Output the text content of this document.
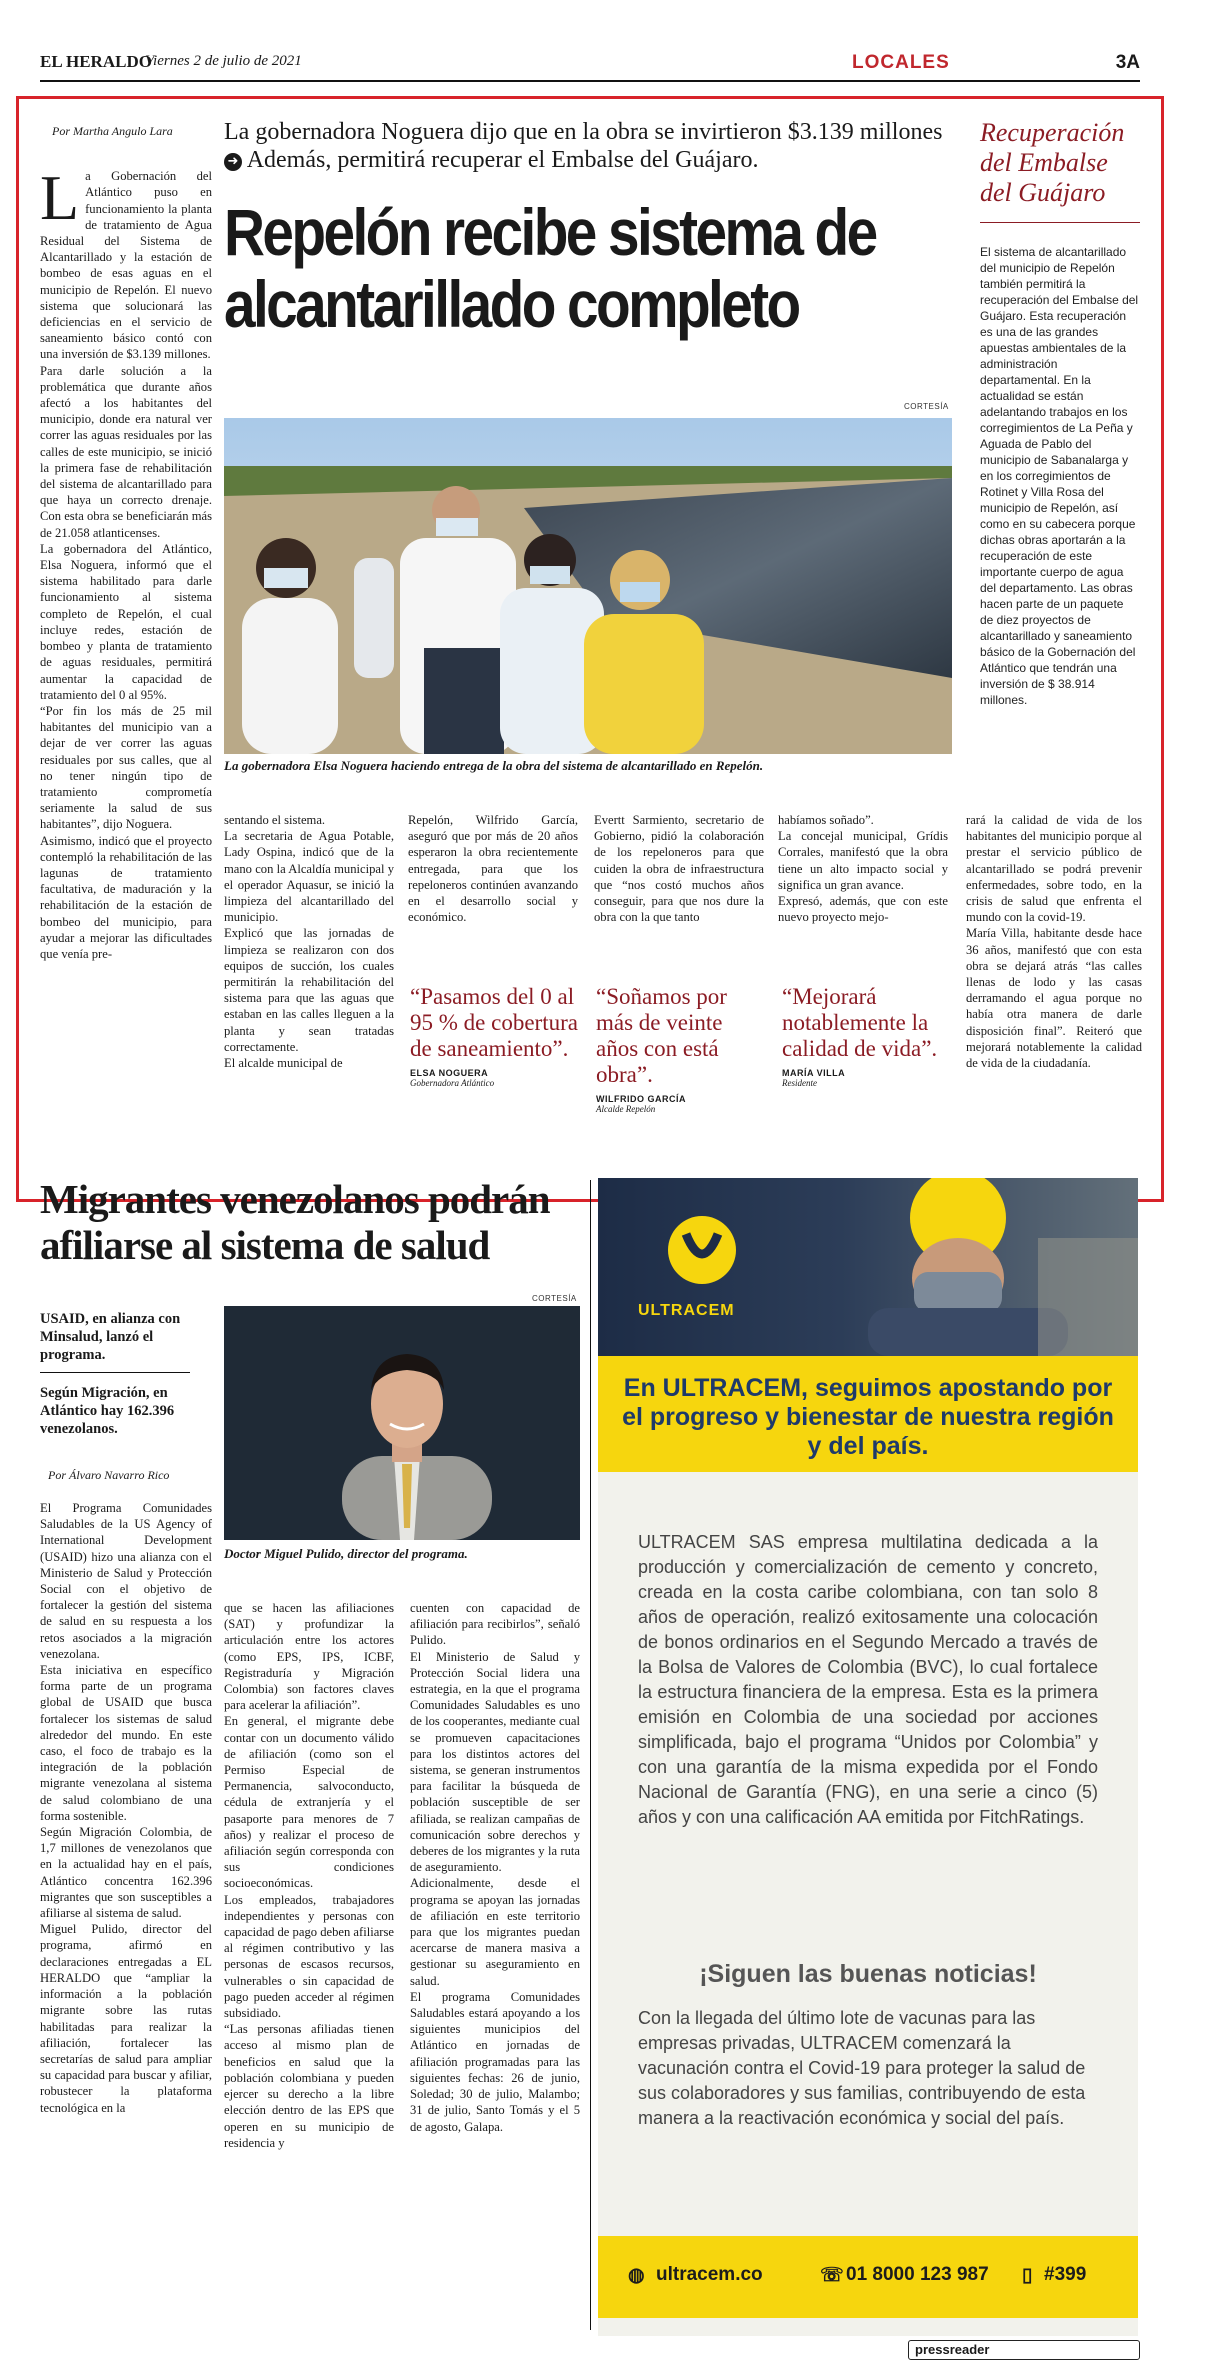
EL HERALDO
Viernes 2 de julio de 2021	LOCALES	3A
Por Martha Angulo Lara La gobernadora Noguera dijo que en la obra se invirtieron $3.139 millones ➜ Además, permitirá recuperar el Embalse del Guájaro.
Repelón recibe sistema de alcantarillado completo
CORTESÍA
La gobernadora Elsa Noguera haciendo entrega de la obra del sistema de alcantarillado en Repelón.

La Gobernación del Atlántico puso en funcionamiento la planta de tratamiento de Agua Residual del Sistema de Alcantarillado y la estación de bombeo de esas aguas en el municipio de Repelón. El nuevo sistema que solucionará las deficiencias en el servicio de saneamiento básico contó con una inversión de $3.139 millones.
Para darle solución a la problemática que durante años afectó a los habitantes del municipio, donde era natural ver correr las aguas residuales por las calles de este municipio, se inició la primera fase de rehabilitación del sistema de alcantarillado para que haya un correcto drenaje. Con esta obra se beneficiarán más de 21.058 atlanticenses.
La gobernadora del Atlántico, Elsa Noguera, informó que el sistema habilitado para darle funcionamiento al sistema completo de Repelón, el cual incluye redes, estación de bombeo y planta de tratamiento de aguas residuales, permitirá aumentar la capacidad de tratamiento del 0 al 95%.
“Por fin los más de 25 mil habitantes del municipio van a dejar de ver correr las aguas residuales por sus calles, que al no tener ningún tipo de tratamiento comprometía seriamente la salud de sus habitantes”, dijo Noguera.
Asimismo, indicó que el proyecto contempló la rehabilitación de las lagunas de tratamiento facultativa, de maduración y la rehabilitación de la estación de bombeo del municipio, para ayudar a mejorar las dificultades que venía pre-

sentando el sistema.
La secretaria de Agua Potable, Lady Ospina, indicó que de la mano con la Alcaldía municipal y el operador Aquasur, se inició la limpieza del alcantarillado del municipio.
Explicó que las jornadas de limpieza se realizaron con dos equipos de succión, los cuales permitirán la rehabilitación del sistema para que las aguas que estaban en las calles lleguen a la planta y sean tratadas correctamente.
El alcalde municipal de
Repelón, Wilfrido García, aseguró que por más de 20 años esperaron la obra recientemente entregada, para que los repeloneros continúen avanzando en el desarrollo social y económico.
Evertt Sarmiento, secretario de Gobierno, pidió la colaboración de los repeloneros para que cuiden la obra de infraestructura que “nos costó muchos años conseguir, para que nos dure la obra con la que tanto
habíamos soñado”.
La concejal municipal, Grídis Corrales, manifestó que la obra tiene un alto impacto social y significa un gran avance.
Expresó, además, que con este nuevo proyecto mejo-
rará la calidad de vida de los habitantes del municipio porque al prestar el servicio público de alcantarillado se podrá prevenir enfermedades, sobre todo, en la crisis de salud que enfrenta el mundo con la covid-19.
María Villa, habitante desde hace 36 años, manifestó que con esta obra se dejará atrás “las calles llenas de lodo y las casas derramando el agua porque no había otra manera de darle disposición final”. Reiteró que mejorará notablemente la calidad de vida de la ciudadanía.
“Pasamos del 0 al 95 % de cobertura de saneamiento”.
ELSA NOGUERA
Gobernadora Atlántico
“Soñamos por más de veinte años con está obra”.
WILFRIDO GARCÍA
Alcalde Repelón
“Mejorará notablemente la calidad de vida”.
MARÍA VILLA
Residente
Recuperación del Embalse del Guájaro
El sistema de alcantarillado del municipio de Repelón también permitirá la recuperación del Embalse del Guájaro. Esta recuperación es una de las grandes apuestas ambientales de la administración departamental. En la actualidad se están adelantando trabajos en los corregimientos de La Peña y Aguada de Pablo del municipio de Sabanalarga y en los corregimientos de Rotinet y Villa Rosa del municipio de Repelón, así como en su cabecera porque dichas obras aportarán a la recuperación de este importante cuerpo de agua del departamento. Las obras hacen parte de un paquete de diez proyectos de alcantarillado y saneamiento básico de la Gobernación del Atlántico que tendrán una inversión de $ 38.914 millones.
Migrantes venezolanos podrán afiliarse al sistema de salud
USAID, en alianza con Minsalud, lanzó el programa.
Según Migración, en Atlántico hay 162.396 venezolanos.
Por Álvaro Navarro Rico
CORTESÍA
Doctor Miguel Pulido, director del programa.
El Programa Comunidades Saludables de la US Agency of International Development (USAID) hizo una alianza con el Ministerio de Salud y Protección Social con el objetivo de fortalecer la gestión del sistema de salud en su respuesta a los retos asociados a la migración venezolana.
Esta iniciativa en específico forma parte de un programa global de USAID que busca fortalecer los sistemas de salud alrededor del mundo. En este caso, el foco de trabajo es la integración de la población migrante venezolana al sistema de salud colombiano de una forma sostenible.
Según Migración Colombia, de 1,7 millones de venezolanos que en la actualidad hay en el país, Atlántico concentra 162.396 migrantes que son susceptibles a afiliarse al sistema de salud.
Miguel Pulido, director del programa, afirmó en declaraciones entregadas a EL HERALDO que “ampliar la información a la población migrante sobre las rutas habilitadas para realizar la afiliación, fortalecer las secretarías de salud para ampliar su capacidad para buscar y afiliar, robustecer la plataforma tecnológica en la
que se hacen las afiliaciones (SAT) y profundizar la articulación entre los actores (como EPS, IPS, ICBF, Registraduría y Migración Colombia) son factores claves para acelerar la afiliación”.
En general, el migrante debe contar con un documento válido de afiliación (como son el Permiso Especial de Permanencia, salvoconducto, cédula de extranjería y el pasaporte para menores de 7 años) y realizar el proceso de afiliación según corresponda con sus condiciones socioeconómicas.
Los empleados, trabajadores independientes y personas con capacidad de pago deben afiliarse al régimen contributivo y las personas de escasos recursos, vulnerables o sin capacidad de pago pueden acceder al régimen subsidiado.
“Las personas afiliadas tienen acceso al mismo plan de beneficios en salud que la población colombiana y pueden ejercer su derecho a la libre elección dentro de las EPS que operen en su municipio de residencia y
cuenten con capacidad de afiliación para recibirlos”, señaló Pulido.
El Ministerio de Salud y Protección Social lidera una estrategia, en la que el programa Comunidades Saludables es uno de los cooperantes, mediante cual se promueven capacitaciones para los distintos actores del sistema, se generan instrumentos para facilitar la búsqueda de población susceptible de ser afiliada, se realizan campañas de comunicación sobre derechos y deberes de los migrantes y la ruta de aseguramiento.
Adicionalmente, desde el programa se apoyan las jornadas de afiliación en este territorio para que los migrantes puedan acercarse de manera masiva a gestionar su aseguramiento en salud.
El programa Comunidades Saludables estará apoyando a los siguientes municipios del Atlántico en jornadas de afiliación programadas para las siguientes fechas: 26 de junio, Soledad; 30 de julio, Malambo; 31 de julio, Santo Tomás y el 5 de agosto, Galapa.
ULTRACEM
En ULTRACEM, seguimos apostando por el progreso y bienestar de nuestra región y del país.
ULTRACEM SAS empresa multilatina dedicada a la producción y comercialización de cemento y concreto, creada en la costa caribe colombiana, con tan solo 8 años de operación, realizó exitosamente una colocación de bonos ordinarios en el Segundo Mercado a través de la Bolsa de Valores de Colombia (BVC), lo cual fortalece la estructura financiera de la empresa. Esta es la primera emisión en Colombia de una sociedad por acciones simplificada, bajo el programa “Unidos por Colombia” y con una garantía de la misma expedida por el Fondo Nacional de Garantía (FNG), en una serie a cinco (5) años y con una calificación AA emitida por FitchRatings.
¡Siguen las buenas noticias!
Con la llegada del último lote de vacunas para las empresas privadas, ULTRACEM comenzará la vacunación contra el Covid-19 para proteger la salud de sus colaboradores y sus familias, contribuyendo de esta manera a la reactivación económica y social del país.
◍ ultracem.co	☏ 01 8000 123 987 ▯ #399
pressreader
